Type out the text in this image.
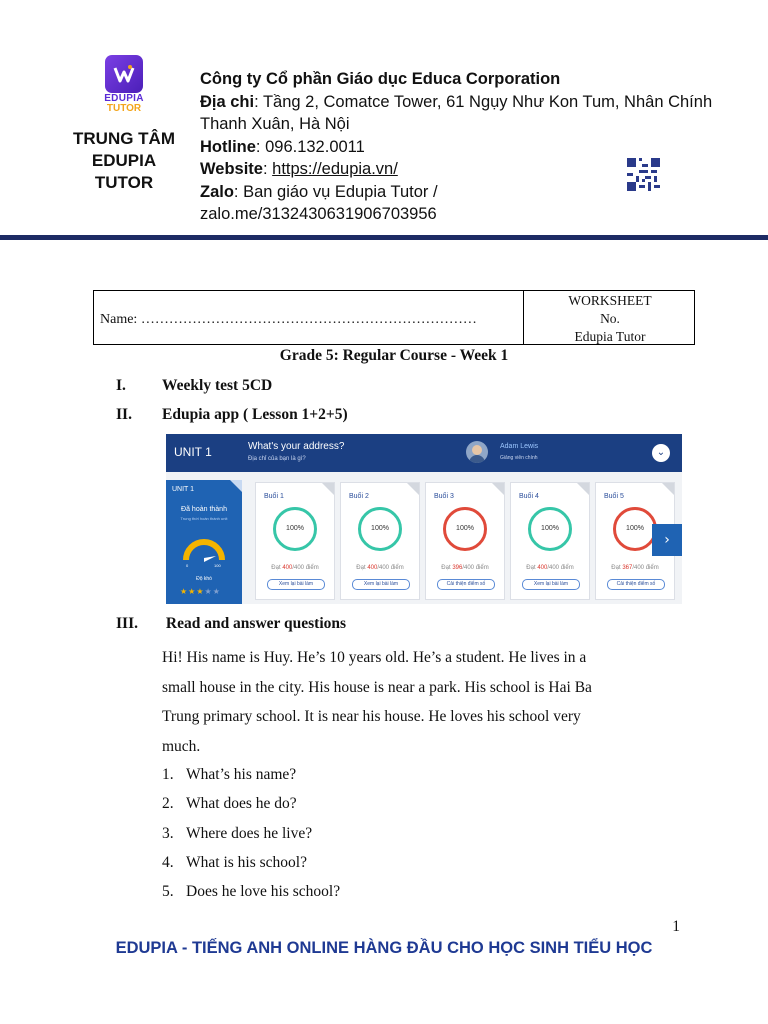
EDUPIA
TUTOR
TRUNG TÂM
EDUPIA
TUTOR
Công ty Cổ phần Giáo dục Educa Corporation
Địa chi: Tầng 2, Comatce Tower, 61 Ngụy Như Kon Tum, Nhân Chính Thanh Xuân, Hà Nội
Hotline: 096.132.0011
Website: https://edupia.vn/
Zalo: Ban giáo vụ Edupia Tutor /
zalo.me/3132430631906703956
Name: ………………………………………………………………
WORKSHEET
No.
Edupia Tutor
Grade 5: Regular Course - Week 1
I. Weekly test 5CD
II. Edupia app ( Lesson 1+2+5)
UNIT 1	What's your address?
Địa chỉ của bạn là gì?
Adam Lewis
Giảng viên chính	⌄
UNIT 1
Đã hoàn thành
Trung thời hoàn thành unit
0	100
Độ khó
★★★★★
Buổi 1
100%
Đạt 400/400 điểm
Xem lại bài làm
Buổi 2
100%
Đạt 400/400 điểm
Xem lại bài làm
Buổi 3
100%
Đạt 396/400 điểm
Cải thiện điểm số
Buổi 4
100%
Đạt 400/400 điểm
Xem lại bài làm
Buổi 5
100%
Đạt 367/400 điểm
Cải thiện điểm số
›
III. Read and answer questions
Hi! His name is Huy. He’s 10 years old. He’s a student. He lives in a
small house in the city. His house is near a park. His school is Hai Ba
Trung primary school. It is near his house. He loves his school very
much.
1. What’s his name?
2. What does he do?
3. Where does he live?
4. What is his school?
5. Does he love his school?
1
EDUPIA - TIẾNG ANH ONLINE HÀNG ĐẦU CHO HỌC SINH TIỂU HỌC
